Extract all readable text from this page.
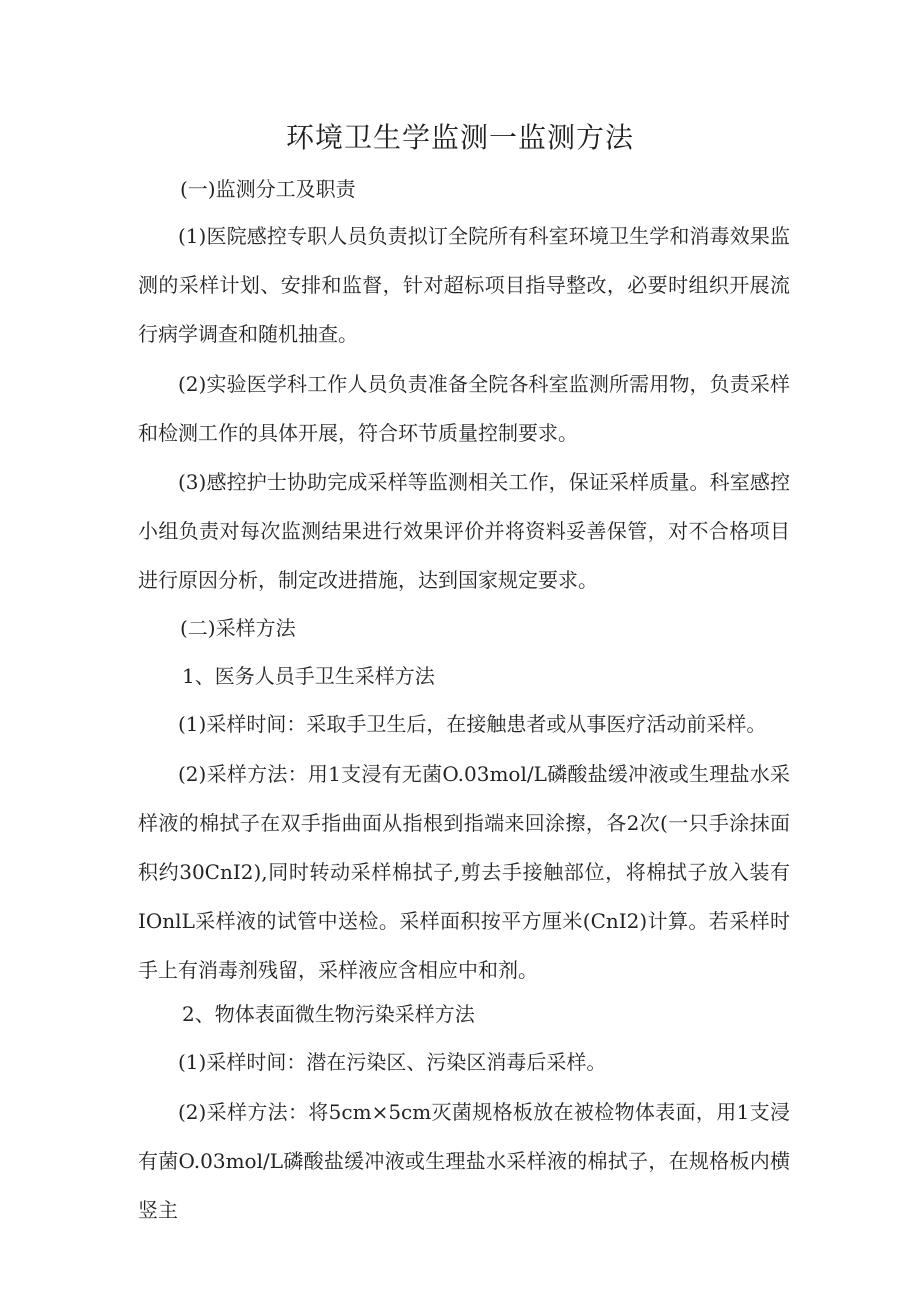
环境卫生学监测一监测方法
(一)监测分工及职责
(1)医院感控专职人员负责拟订全院所有科室环境卫生学和消毒效果监测的采样计划、安排和监督，针对超标项目指导整改，必要时组织开展流行病学调查和随机抽查。
(2)实验医学科工作人员负责准备全院各科室监测所需用物，负责采样和检测工作的具体开展，符合环节质量控制要求。
(3)感控护士协助完成采样等监测相关工作，保证采样质量。科室感控小组负责对每次监测结果进行效果评价并将资料妥善保管，对不合格项目进行原因分析，制定改进措施，达到国家规定要求。
(二)采样方法
1、医务人员手卫生采样方法
(1)采样时间：采取手卫生后，在接触患者或从事医疗活动前采样。
(2)采样方法：用1支浸有无菌O.03mol/L磷酸盐缓冲液或生理盐水采样液的棉拭子在双手指曲面从指根到指端来回涂擦，各2次(一只手涂抹面积约30CnI2),同时转动采样棉拭子,剪去手接触部位，将棉拭子放入装有IOnlL采样液的试管中送检。采样面积按平方厘米(CnI2)计算。若采样时手上有消毒剂残留，采样液应含相应中和剂。
2、物体表面微生物污染采样方法
(1)采样时间：潜在污染区、污染区消毒后采样。
(2)采样方法：将5cm×5cm灭菌规格板放在被检物体表面，用1支浸有菌O.03mol/L磷酸盐缓冲液或生理盐水采样液的棉拭子，在规格板内横竖主
